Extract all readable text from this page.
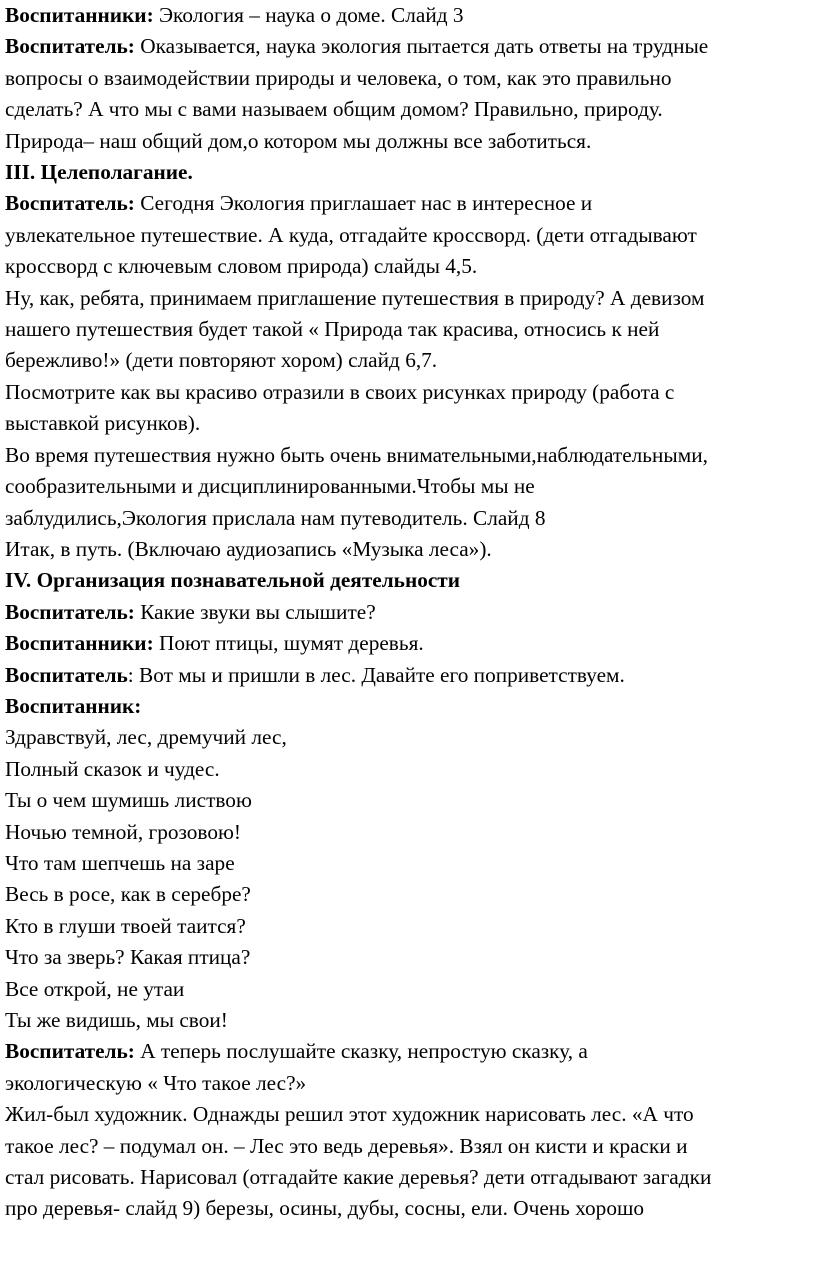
Воспитанники: Экология – наука о доме. Слайд 3
Воспитатель: Оказывается, наука экология пытается дать ответы на трудные
вопросы о взаимодействии природы и человека, о том, как это правильно
сделать? А что мы с вами называем общим домом? Правильно, природу.
Природа– наш общий дом,о котором мы должны все заботиться.
III. Целеполагание.
Воспитатель: Сегодня Экология приглашает нас в интересное и
увлекательное путешествие. А куда, отгадайте кроссворд. (дети отгадывают
кроссворд с ключевым словом природа) слайды 4,5.
Ну, как, ребята, принимаем приглашение путешествия в природу? А девизом
нашего путешествия будет такой « Природа так красива, относись к ней
бережливо!» (дети повторяют хором) слайд 6,7.
Посмотрите как вы красиво отразили в своих рисунках природу (работа с
выставкой рисунков).
Во время путешествия нужно быть очень внимательными,наблюдательными,
сообразительными и дисциплинированными.Чтобы мы не
заблудились,Экология прислала нам путеводитель. Слайд 8
Итак, в путь. (Включаю аудиозапись «Музыка леса»).
IV. Организация познавательной деятельности
Воспитатель: Какие звуки вы слышите?
Воспитанники: Поют птицы, шумят деревья.
Воспитатель: Вот мы и пришли в лес. Давайте его поприветствуем.
Воспитанник:
Здравствуй, лес, дремучий лес,
Полный сказок и чудес.
Ты о чем шумишь листвою
Ночью темной, грозовою!
Что там шепчешь на заре
Весь в росе, как в серебре?
Кто в глуши твоей таится?
Что за зверь? Какая птица?
Все открой, не утаи
Ты же видишь, мы свои!
Воспитатель: А теперь послушайте сказку, непростую сказку, а
экологическую « Что такое лес?»
Жил-был художник. Однажды решил этот художник нарисовать лес. «А что
такое лес? – подумал он. – Лес это ведь деревья». Взял он кисти и краски и
стал рисовать. Нарисовал (отгадайте какие деревья? дети отгадывают загадки
про деревья- слайд 9) березы, осины, дубы, сосны, ели. Очень хорошо
